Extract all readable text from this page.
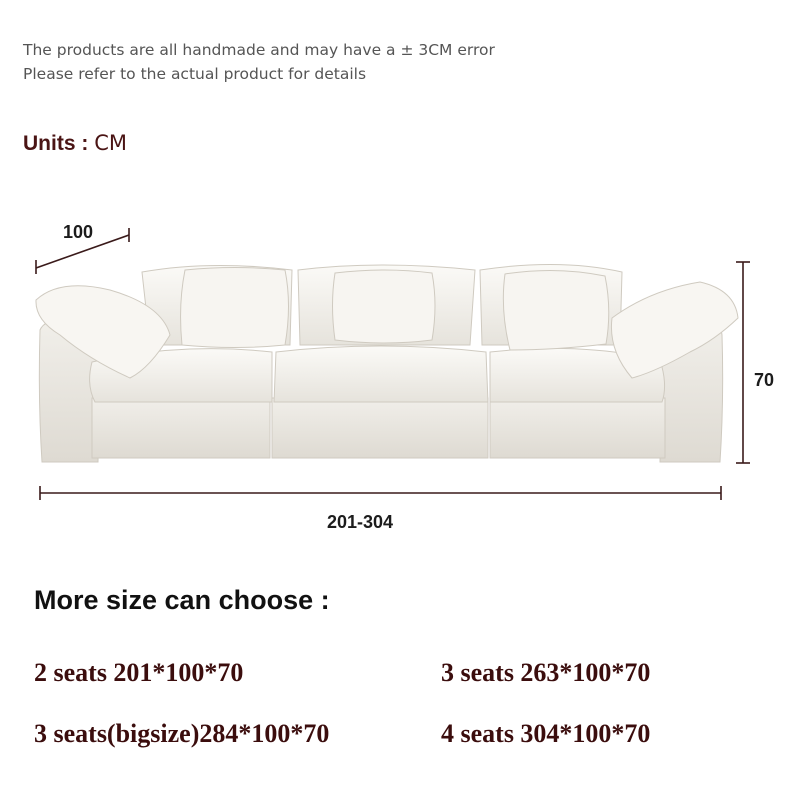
The products are all handmade and may have a ± 3CM error
Please refer to the actual product for details
Units : CM
100
70
201-304
More size can choose :
2 seats 201*100*70	3 seats 263*100*70
3 seats(bigsize)284*100*70	4 seats 304*100*70
